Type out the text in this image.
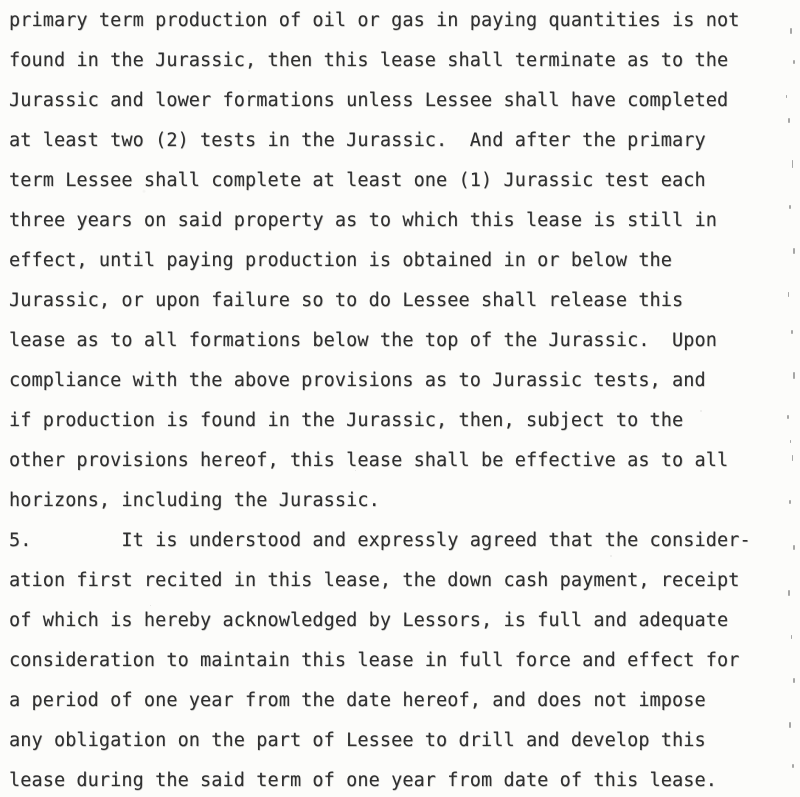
primary term production of oil or gas in paying quantities is not
found in the Jurassic, then this lease shall terminate as to the
Jurassic and lower formations unless Lessee shall have completed
at least two (2) tests in the Jurassic.  And after the primary
term Lessee shall complete at least one (1) Jurassic test each
three years on said property as to which this lease is still in
effect, until paying production is obtained in or below the
Jurassic, or upon failure so to do Lessee shall release this
lease as to all formations below the top of the Jurassic.  Upon
compliance with the above provisions as to Jurassic tests, and
if production is found in the Jurassic, then, subject to the
other provisions hereof, this lease shall be effective as to all
horizons, including the Jurassic.
5.        It is understood and expressly agreed that the consider-
ation first recited in this lease, the down cash payment, receipt
of which is hereby acknowledged by Lessors, is full and adequate
consideration to maintain this lease in full force and effect for
a period of one year from the date hereof, and does not impose
any obligation on the part of Lessee to drill and develop this
lease during the said term of one year from date of this lease.
